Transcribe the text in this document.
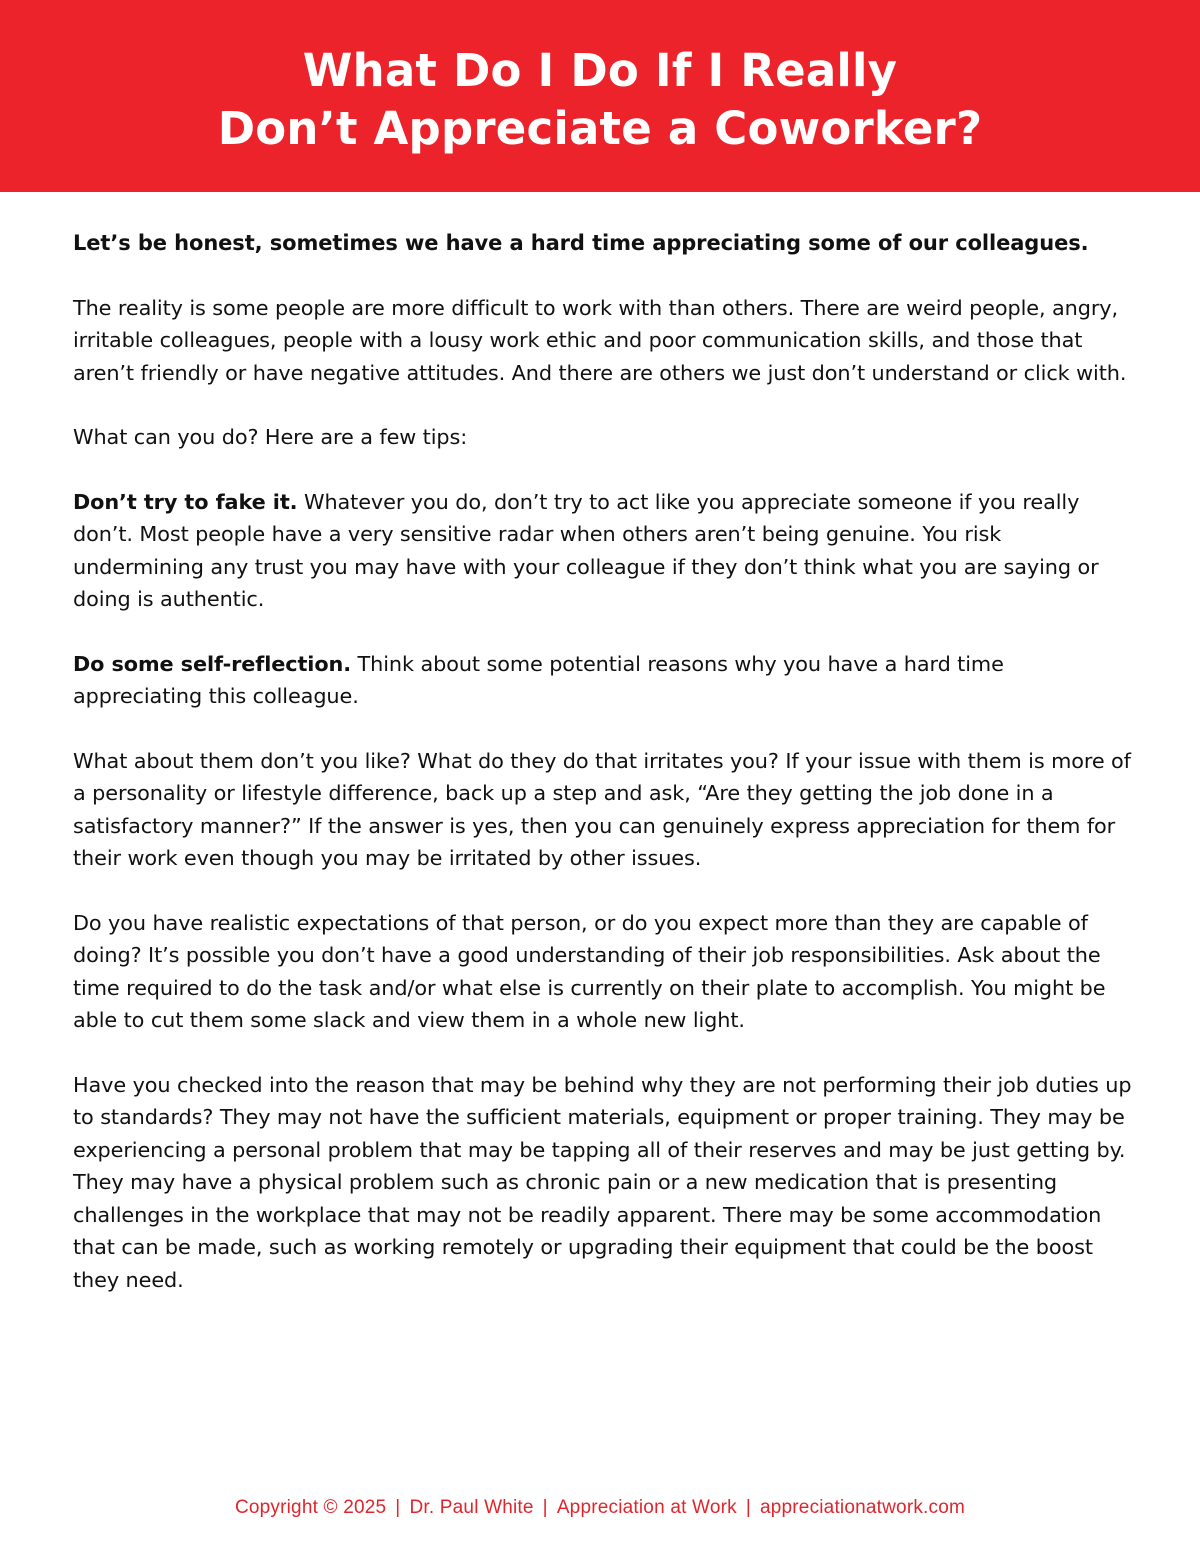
What Do I Do If I Really
Don’t Appreciate a Coworker?

Let’s be honest, sometimes we have a hard time appreciating some of our colleagues.

The reality is some people are more difficult to work with than others. There are weird people, angry, irritable colleagues, people with a lousy work ethic and poor communication skills, and those that aren’t friendly or have negative attitudes. And there are others we just don’t understand or click with.

What can you do? Here are a few tips:

Don’t try to fake it. Whatever you do, don’t try to act like you appreciate someone if you really don’t. Most people have a very sensitive radar when others aren’t being genuine. You risk undermining any trust you may have with your colleague if they don’t think what you are saying or doing is authentic.

Do some self-reflection. Think about some potential reasons why you have a hard time appreciating this colleague.

What about them don’t you like? What do they do that irritates you? If your issue with them is more of a personality or lifestyle difference, back up a step and ask, “Are they getting the job done in a satisfactory manner?” If the answer is yes, then you can genuinely express appreciation for them for their work even though you may be irritated by other issues.

Do you have realistic expectations of that person, or do you expect more than they are capable of doing? It’s possible you don’t have a good understanding of their job responsibilities. Ask about the time required to do the task and/or what else is currently on their plate to accomplish. You might be able to cut them some slack and view them in a whole new light.

Have you checked into the reason that may be behind why they are not performing their job duties up to standards? They may not have the sufficient materials, equipment or proper training. They may be experiencing a personal problem that may be tapping all of their reserves and may be just getting by. They may have a physical problem such as chronic pain or a new medication that is presenting challenges in the workplace that may not be readily apparent. There may be some accommodation that can be made, such as working remotely or upgrading their equipment that could be the boost they need.

Copyright © 2025 | Dr. Paul White | Appreciation at Work | appreciationatwork.com
